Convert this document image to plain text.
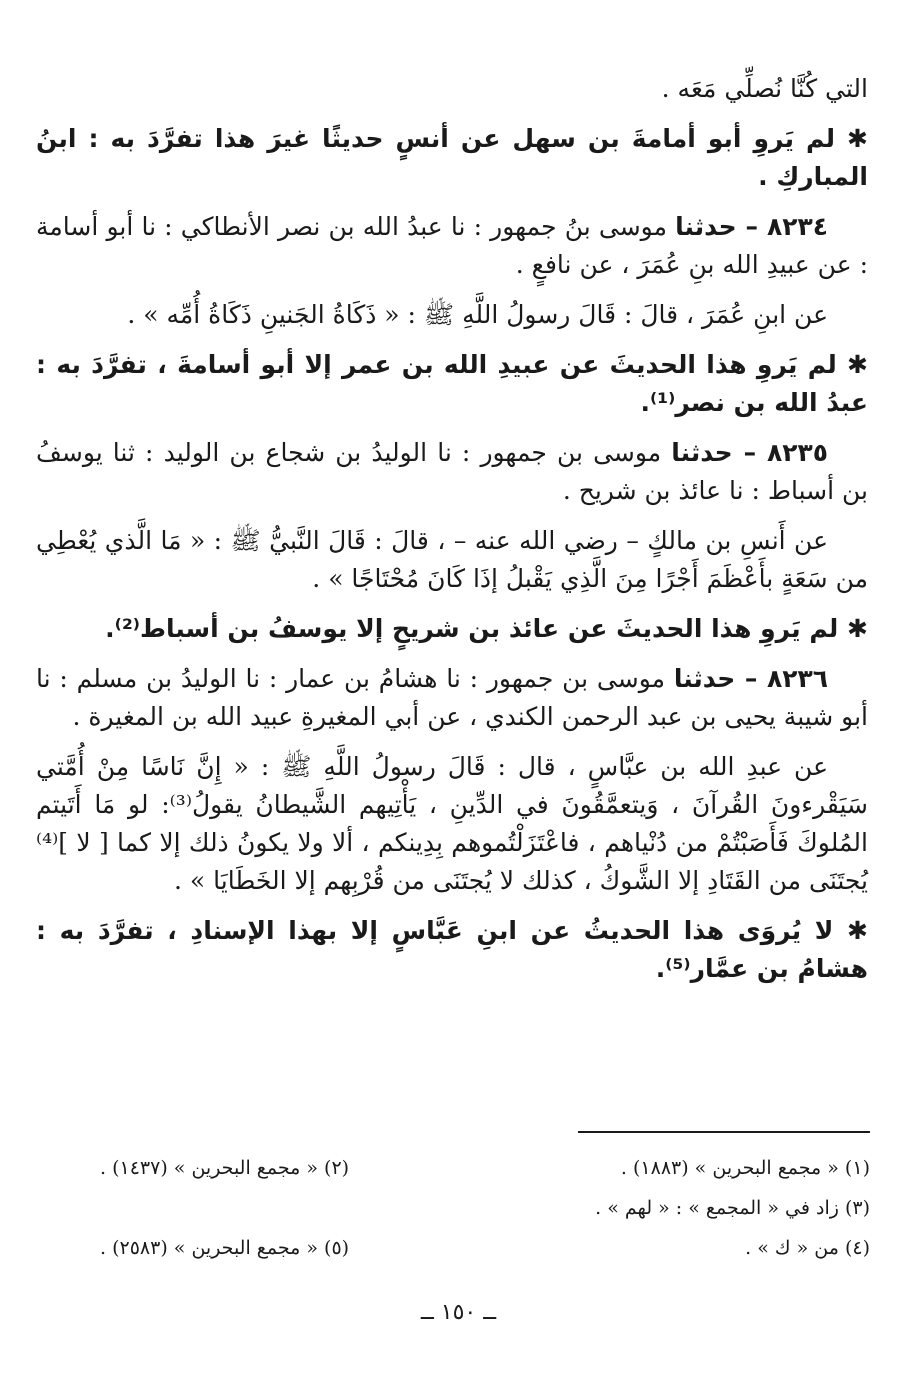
التي كُنَّا نُصلِّي مَعَه .
✱ لم يَروِ أبو أمامةَ بن سهل عن أنسٍ حديثًا غيرَ هذا تفرَّدَ به : ابنُ المباركِ .
٨٢٣٤ – حدثنا موسى بنُ جمهور : نا عبدُ الله بن نصر الأنطاكي : نا أبو أسامة : عن عبيدِ الله بنِ عُمَرَ ، عن نافعٍ .
عن ابنِ عُمَرَ ، قالَ : قَالَ رسولُ اللَّهِ ﷺ : « ذَكَاةُ الجَنينِ ذَكَاةُ أُمِّه » .
✱ لم يَروِ هذا الحديثَ عن عبيدِ الله بن عمر إلا أبو أسامةَ ، تفرَّدَ به : عبدُ الله بن نصر⁽¹⁾.
٨٢٣٥ – حدثنا موسى بن جمهور : نا الوليدُ بن شجاع بن الوليد : ثنا يوسفُ بن أسباط : نا عائذ بن شريح .
عن أَنسِ بن مالكٍ – رضي الله عنه – ، قالَ : قَالَ النَّبيُّ ﷺ : « مَا الَّذي يُعْطِي من سَعَةٍ بأَعْظَمَ أَجْرًا مِنَ الَّذِي يَقْبلُ إذَا كَانَ مُحْتَاجًا » .
✱ لم يَروِ هذا الحديثَ عن عائذ بن شريحٍ إلا يوسفُ بن أسباط⁽²⁾.
٨٢٣٦ – حدثنا موسى بن جمهور : نا هشامُ بن عمار : نا الوليدُ بن مسلم : نا أبو شيبة يحيى بن عبد الرحمن الكندي ، عن أبي المغيرةِ عبيد الله بن المغيرة .
عن عبدِ الله بن عبَّاسٍ ، قال : قَالَ رسولُ اللَّهِ ﷺ : « إِنَّ نَاسًا مِنْ أُمَّتي سَيَقْرءونَ القُرآنَ ، وَيتعمَّقُونَ في الدِّينِ ، يَأْتِيهم الشَّيطانُ يقولُ⁽³⁾: لو مَا أَتَيتم المُلوكَ فَأَصَبْتُمْ من دُنْياهم ، فاعْتَزَلْتُموهم بِدِينكم ، ألا ولا يكونُ ذلك إلا كما [ لا ]⁽⁴⁾ يُجتَنَى من القَتَادِ إلا الشَّوكُ ، كذلك لا يُجتَنَى من قُرْبِهم إلا الخَطَايَا » .
✱ لا يُروَى هذا الحديثُ عن ابنِ عَبَّاسٍ إلا بهذا الإسنادِ ، تفرَّدَ به : هشامُ بن عمَّار⁽⁵⁾.
(١) « مجمع البحرين » (١٨٨٣) .
(٢) « مجمع البحرين » (١٤٣٧) .
(٣) زاد في « المجمع » : « لهم » .
(٤) من « ك » .
(٥) « مجمع البحرين » (٢٥٨٣) .
ــ ١٥٠ ــ
